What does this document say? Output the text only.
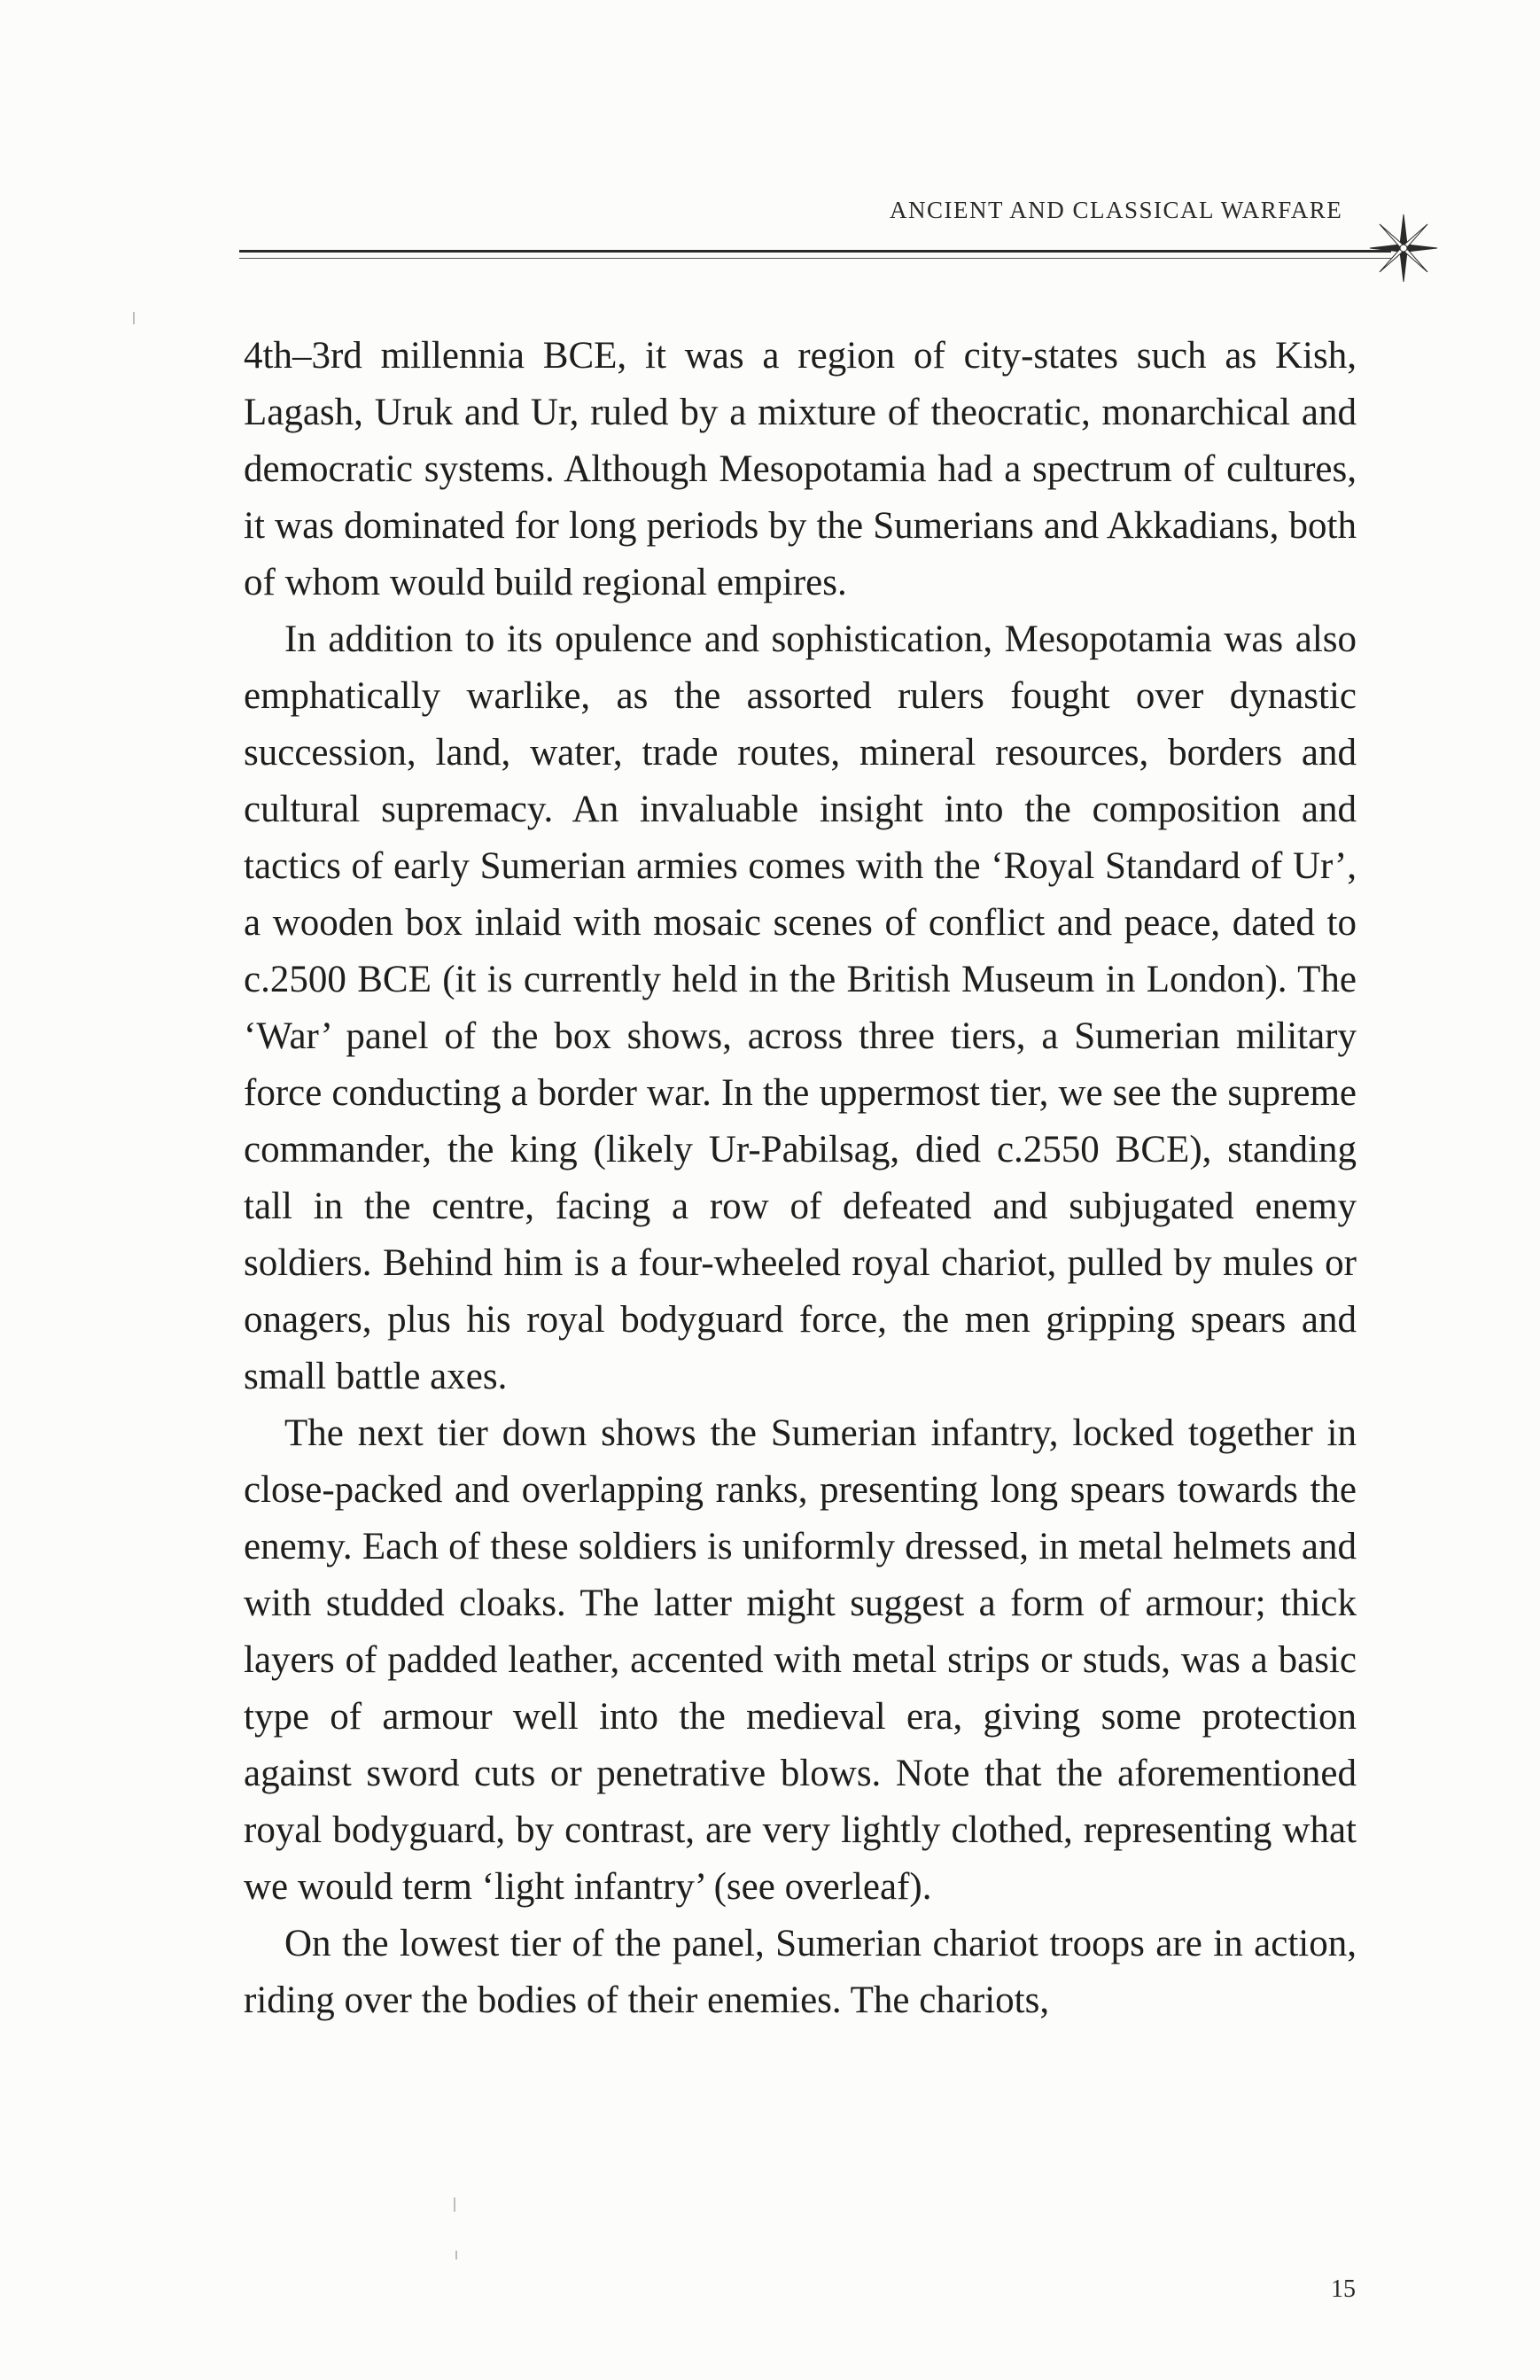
ANCIENT AND CLASSICAL WARFARE

4th–3rd millennia BCE, it was a region of city-states such as Kish, Lagash, Uruk and Ur, ruled by a mixture of theocratic, monarchical and democratic systems. Although Mesopotamia had a spectrum of cultures, it was dominated for long periods by the Sumerians and Akkadians, both of whom would build regional empires.

In addition to its opulence and sophistication, Mesopotamia was also emphatically warlike, as the assorted rulers fought over dynastic succession, land, water, trade routes, mineral resources, borders and cultural supremacy. An invaluable insight into the composition and tactics of early Sumerian armies comes with the ‘Royal Standard of Ur’, a wooden box inlaid with mosaic scenes of conflict and peace, dated to c.2500 BCE (it is currently held in the British Museum in London). The ‘War’ panel of the box shows, across three tiers, a Sumerian military force conducting a border war. In the uppermost tier, we see the supreme commander, the king (likely Ur-Pabilsag, died c.2550 BCE), standing tall in the centre, facing a row of defeated and subjugated enemy soldiers. Behind him is a four-wheeled royal chariot, pulled by mules or onagers, plus his royal bodyguard force, the men gripping spears and small battle axes.

The next tier down shows the Sumerian infantry, locked together in close-packed and overlapping ranks, presenting long spears towards the enemy. Each of these soldiers is uniformly dressed, in metal helmets and with studded cloaks. The latter might suggest a form of armour; thick layers of padded leather, accented with metal strips or studs, was a basic type of armour well into the medieval era, giving some protection against sword cuts or penetrative blows. Note that the aforementioned royal bodyguard, by contrast, are very lightly clothed, representing what we would term ‘light infantry’ (see overleaf).

On the lowest tier of the panel, Sumerian chariot troops are in action, riding over the bodies of their enemies. The chariots,

15
